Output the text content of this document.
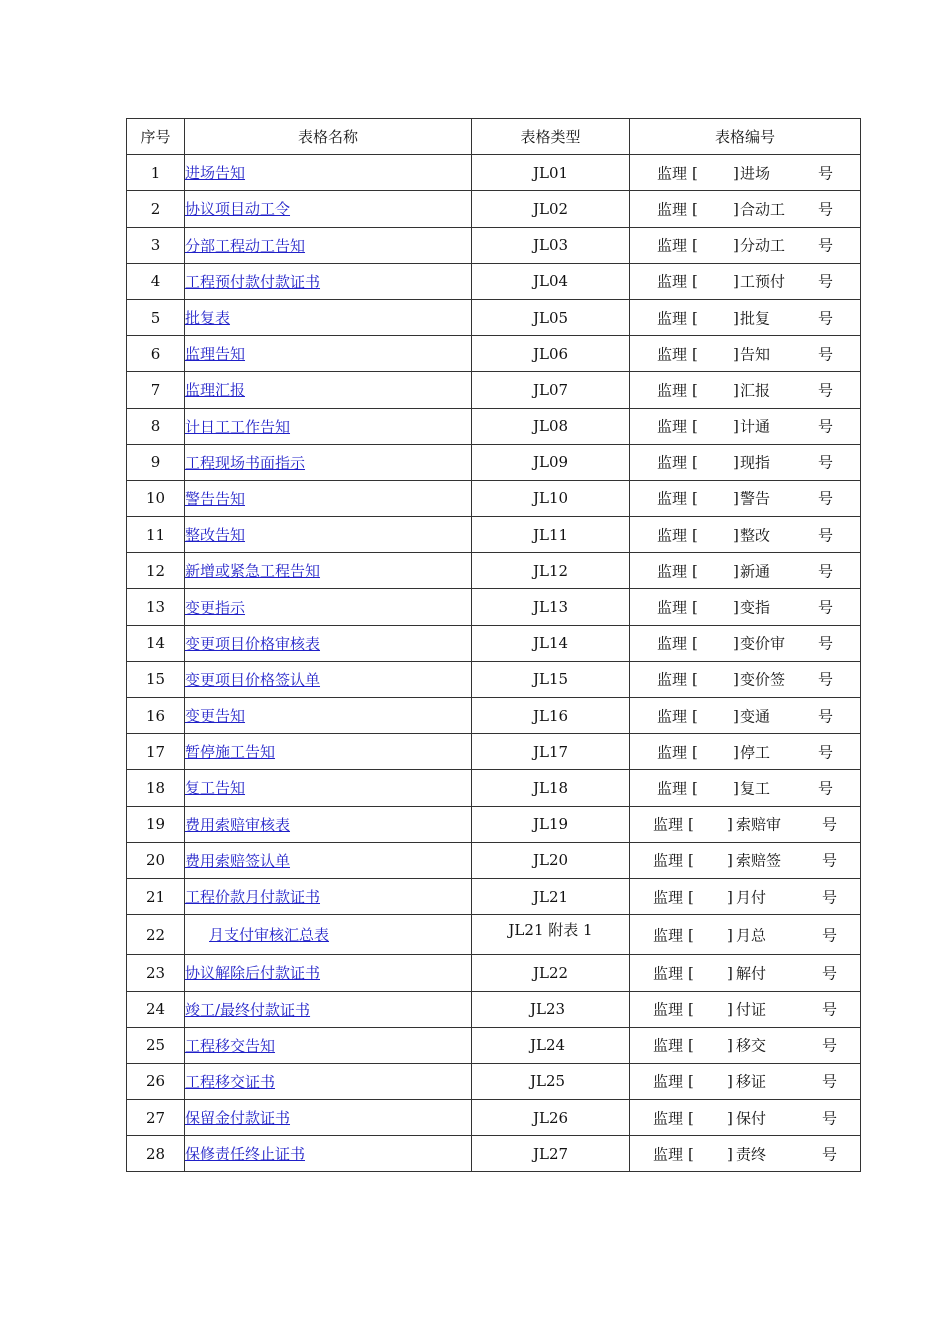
序号	表格名称	表格类型	表格编号
1	进场告知	JL01	监理 [ ] 进场 号

2	协议项目动工令	JL02	监理 [ ] 合动工 号

3	分部工程动工告知	JL03	监理 [ ] 分动工 号

4	工程预付款付款证书	JL04	监理 [ ] 工预付 号

5	批复表	JL05	监理 [ ] 批复 号

6	监理告知	JL06	监理 [ ] 告知 号

7	监理汇报	JL07	监理 [ ] 汇报 号

8	计日工工作告知	JL08	监理 [ ] 计通 号

9	工程现场书面指示	JL09	监理 [ ] 现指 号

10	警告告知	JL10	监理 [ ] 警告 号

11	整改告知	JL11	监理 [ ] 整改 号

12	新增或紧急工程告知	JL12	监理 [ ] 新通 号

13	变更指示	JL13	监理 [ ] 变指 号

14	变更项目价格审核表	JL14	监理 [ ] 变价审 号

15	变更项目价格签认单	JL15	监理 [ ] 变价签 号

16	变更告知	JL16	监理 [ ] 变通 号

17	暂停施工告知	JL17	监理 [ ] 停工 号

18	复工告知	JL18	监理 [ ] 复工 号

19	费用索赔审核表	JL19	监理 [ ] 索赔审 号

20	费用索赔签认单	JL20	监理 [ ] 索赔签 号

21	工程价款月付款证书	JL21	监理 [ ] 月付 号

22	月支付审核汇总表	JL21 附表 1	监理 [ ] 月总 号

23	协议解除后付款证书	JL22	监理 [ ] 解付 号

24	竣工/最终付款证书	JL23	监理 [ ] 付证 号

25	工程移交告知	JL24	监理 [ ] 移交 号

26	工程移交证书	JL25	监理 [ ] 移证 号

27	保留金付款证书	JL26	监理 [ ] 保付 号

28	保修责任终止证书	JL27	监理 [ ] 责终 号
